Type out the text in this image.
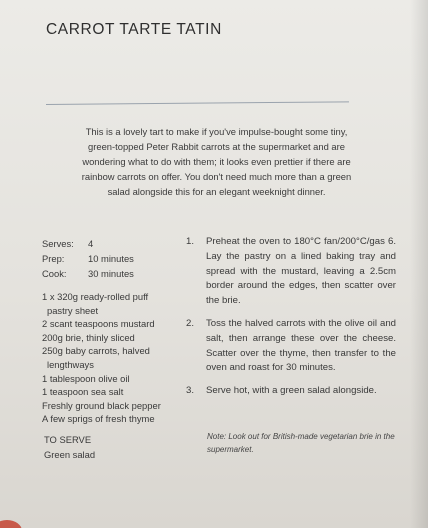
CARROT TARTE TATIN
This is a lovely tart to make if you've impulse-bought some tiny, green-topped Peter Rabbit carrots at the supermarket and are wondering what to do with them; it looks even prettier if there are rainbow carrots on offer. You don't need much more than a green salad alongside this for an elegant weeknight dinner.
Serves:	4
Prep:	10 minutes
Cook:	30 minutes
1 x 320g ready-rolled puff
pastry sheet
2 scant teaspoons mustard
200g brie, thinly sliced
250g baby carrots, halved
lengthways
1 tablespoon olive oil
1 teaspoon sea salt
Freshly ground black pepper
A few sprigs of fresh thyme
TO SERVE
Green salad
1.	Preheat the oven to 180°C fan/200°C/gas 6. Lay the pastry on a lined baking tray and spread with the mustard, leaving a 2.5cm border around the edges, then scatter over the brie.
2.	Toss the halved carrots with the olive oil and salt, then arrange these over the cheese. Scatter over the thyme, then transfer to the oven and roast for 30 minutes.
3.	Serve hot, with a green salad alongside.
Note: Look out for British-made vegetarian brie in the supermarket.
